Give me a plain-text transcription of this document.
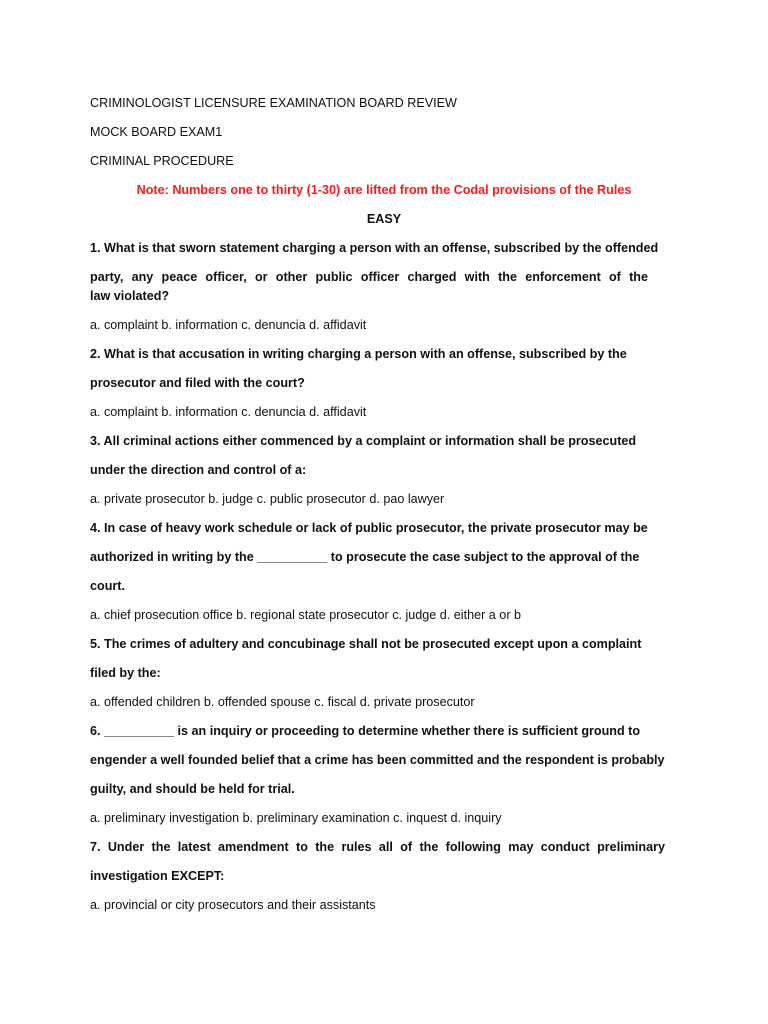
CRIMINOLOGIST LICENSURE EXAMINATION BOARD REVIEW
MOCK BOARD EXAM1
CRIMINAL PROCEDURE
Note: Numbers one to thirty (1-30) are lifted from the Codal provisions of the Rules
EASY
1. What is that sworn statement charging a person with an offense, subscribed by the offended
party, any peace officer, or other public officer charged with the enforcement of the
law violated?
a. complaint b. information c. denuncia d. affidavit
2. What is that accusation in writing charging a person with an offense, subscribed by the
prosecutor and filed with the court?
a. complaint b. information c. denuncia d. affidavit
3. All criminal actions either commenced by a complaint or information shall be prosecuted
under the direction and control of a:
a. private prosecutor b. judge c. public prosecutor d. pao lawyer
4. In case of heavy work schedule or lack of public prosecutor, the private prosecutor may be
authorized in writing by the __________ to prosecute the case subject to the approval of the
court.
a. chief prosecution office b. regional state prosecutor c. judge d. either a or b
5. The crimes of adultery and concubinage shall not be prosecuted except upon a complaint
filed by the:
a. offended children b. offended spouse c. fiscal d. private prosecutor
6. __________ is an inquiry or proceeding to determine whether there is sufficient ground to
engender a well founded belief that a crime has been committed and the respondent is probably
guilty, and should be held for trial.
a. preliminary investigation b. preliminary examination c. inquest d. inquiry
7. Under the latest amendment to the rules all of the following may conduct preliminary
investigation EXCEPT:
a. provincial or city prosecutors and their assistants
